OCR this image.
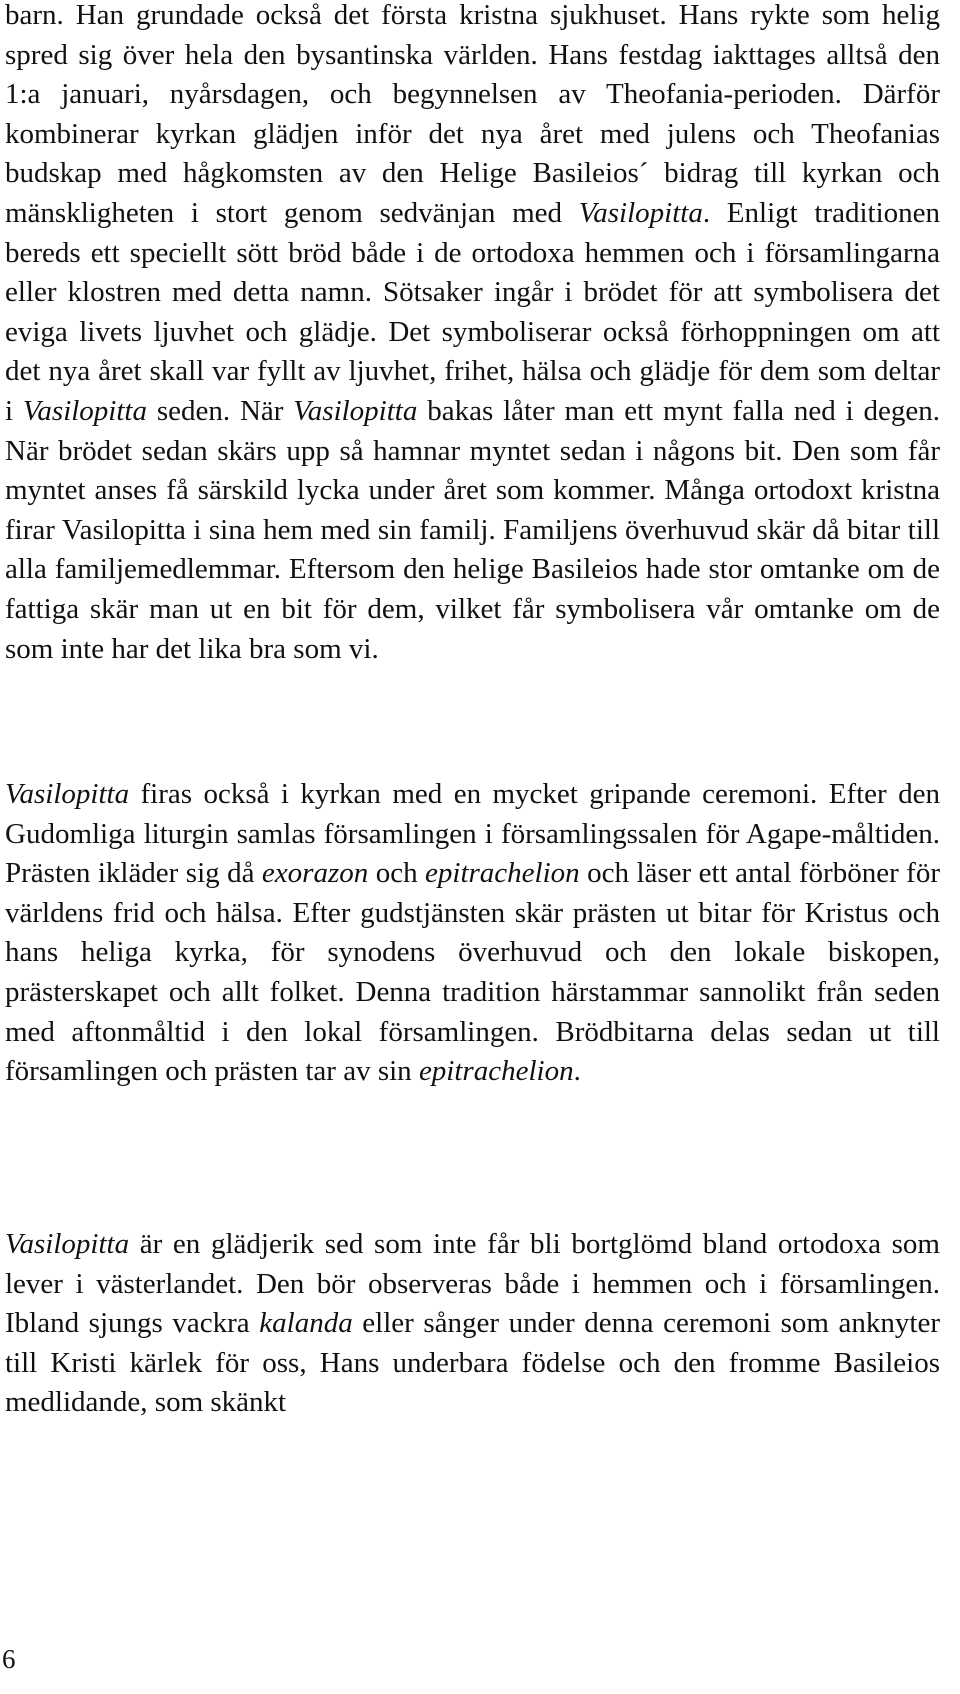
barn. Han grundade också det första kristna sjukhuset. Hans rykte som helig spred sig över hela den bysantinska världen. Hans festdag iakttages alltså den 1:a januari, nyårsdagen, och begynnelsen av Theofania-perioden. Därför kombinerar kyrkan glädjen inför det nya året med julens och Theofanias budskap med hågkomsten av den Helige Basileios´ bidrag till kyrkan och mänskligheten i stort genom sedvänjan med Vasilopitta. Enligt traditionen bereds ett speciellt sött bröd både i de ortodoxa hemmen och i församlingarna eller klostren med detta namn. Sötsaker ingår i brödet för att symbolisera det eviga livets ljuvhet och glädje. Det symboliserar också förhoppningen om att det nya året skall var fyllt av ljuvhet, frihet, hälsa och glädje för dem som deltar i Vasilopitta seden. När Vasilopitta bakas låter man ett mynt falla ned i degen. När brödet sedan skärs upp så hamnar myntet sedan i någons bit. Den som får myntet anses få särskild lycka under året som kommer. Många ortodoxt kristna firar Vasilopitta i sina hem med sin familj. Familjens överhuvud skär då bitar till alla familjemedlemmar. Eftersom den helige Basileios hade stor omtanke om de fattiga skär man ut en bit för dem, vilket får symbolisera vår omtanke om de som inte har det lika bra som vi.
Vasilopitta firas också i kyrkan med en mycket gripande ceremoni. Efter den Gudomliga liturgin samlas församlingen i församlingssalen för Agape-måltiden. Prästen ikläder sig då exorazon och epitrachelion och läser ett antal förböner för världens frid och hälsa. Efter gudstjänsten skär prästen ut bitar för Kristus och hans heliga kyrka, för synodens överhuvud och den lokale biskopen, prästerskapet och allt folket. Denna tradition härstammar sannolikt från seden med aftonmåltid i den lokal församlingen. Brödbitarna delas sedan ut till församlingen och prästen tar av sin epitrachelion.
Vasilopitta är en glädjerik sed som inte får bli bortglömd bland ortodoxa som lever i västerlandet. Den bör observeras både i hemmen och i församlingen. Ibland sjungs vackra kalanda eller sånger under denna ceremoni som anknyter till Kristi kärlek för oss, Hans underbara födelse och den fromme Basileios medlidande, som skänkt
6
